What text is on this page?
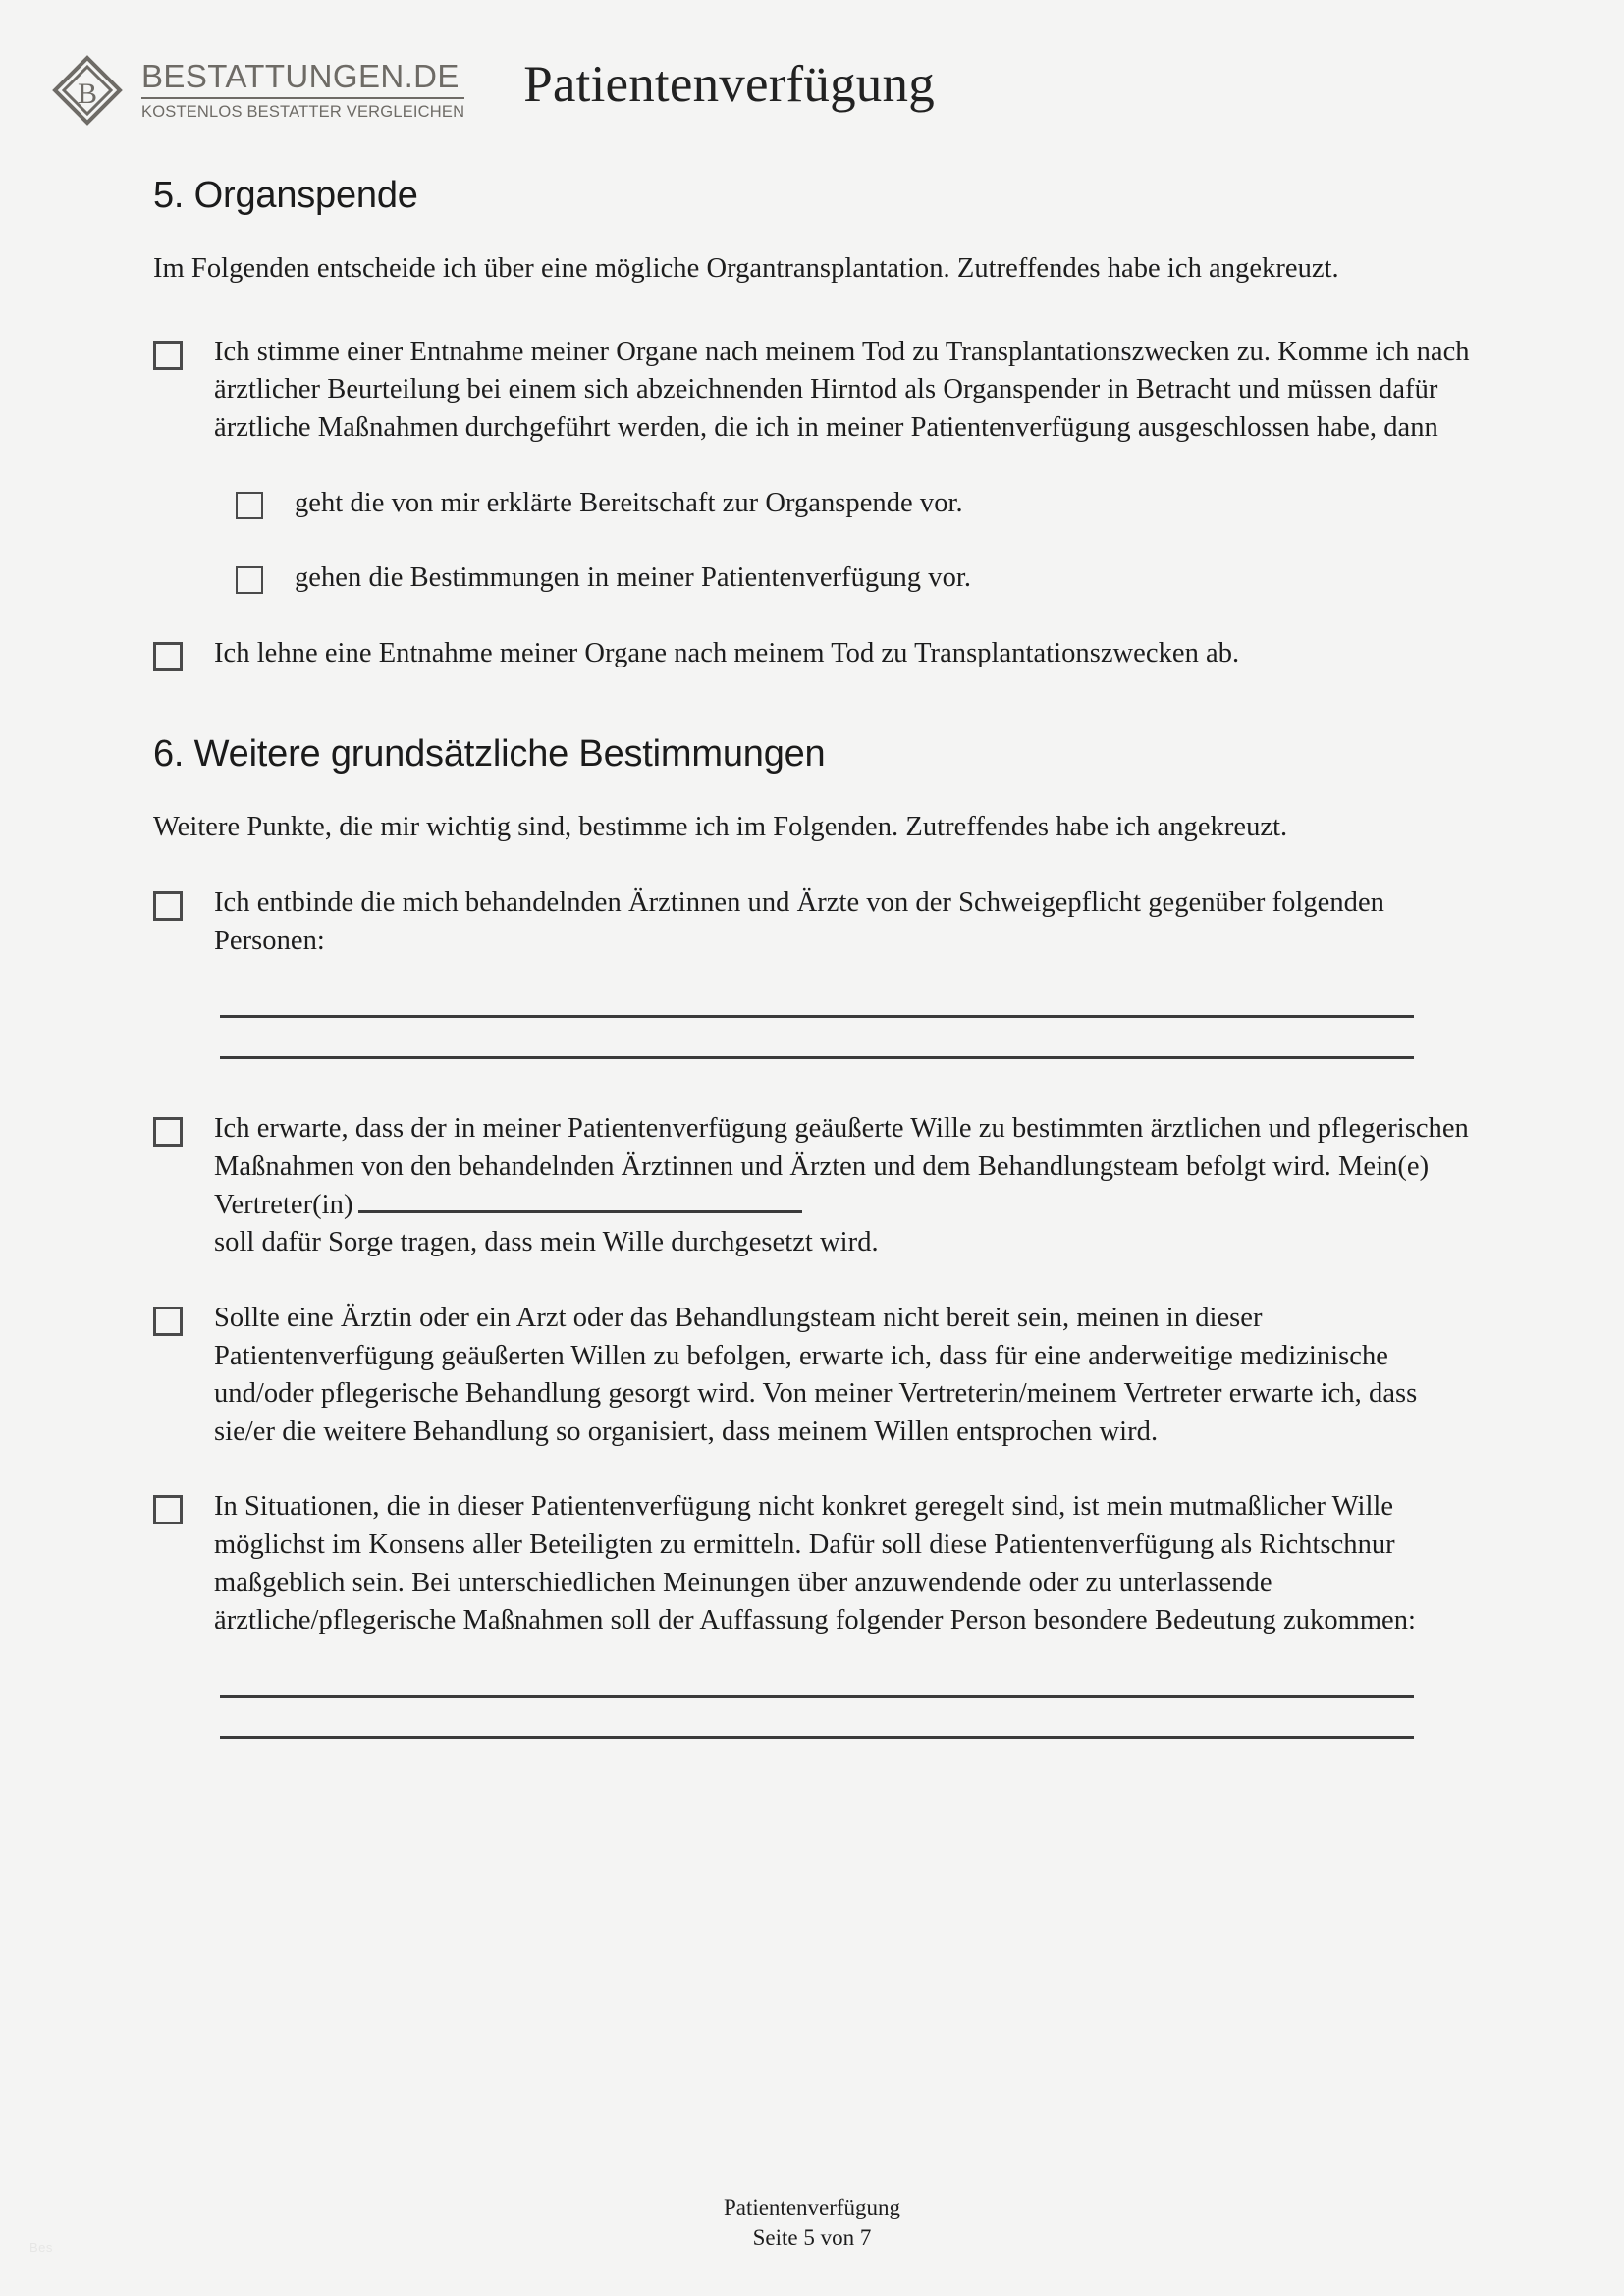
B BESTATTUNGEN.DE
KOSTENLOS BESTATTER VERGLEICHEN Patientenverfügung
5. Organspende

Im Folgenden entscheide ich über eine mögliche Organtransplantation. Zutreffendes habe ich angekreuzt.

Ich stimme einer Entnahme meiner Organe nach meinem Tod zu Transplantationszwecken zu. Komme ich nach ärztlicher Beurteilung bei einem sich abzeichnenden Hirntod als Organspender in Betracht und müssen dafür ärztliche Maßnahmen durchgeführt werden, die ich in meiner Patientenverfügung ausgeschlossen habe, dann
geht die von mir erklärte Bereitschaft zur Organspende vor.
gehen die Bestimmungen in meiner Patientenverfügung vor.
Ich lehne eine Entnahme meiner Organe nach meinem Tod zu Transplantationszwecken ab.
6. Weitere grundsätzliche Bestimmungen

Weitere Punkte, die mir wichtig sind, bestimme ich im Folgenden. Zutreffendes habe ich angekreuzt.

Ich entbinde die mich behandelnden Ärztinnen und Ärzte von der Schweigepflicht gegenüber folgenden Personen:
Ich erwarte, dass der in meiner Patientenverfügung geäußerte Wille zu bestimmten ärztlichen und pflegerischen Maßnahmen von den behandelnden Ärztinnen und Ärzten und dem Behandlungsteam befolgt wird. Mein(e) Vertreter(in)
soll dafür Sorge tragen, dass mein Wille durchgesetzt wird.
Sollte eine Ärztin oder ein Arzt oder das Behandlungsteam nicht bereit sein, meinen in dieser Patientenverfügung geäußerten Willen zu befolgen, erwarte ich, dass für eine anderweitige medizinische und/oder pflegerische Behandlung gesorgt wird. Von meiner Vertreterin/meinem Vertreter erwarte ich, dass sie/er die weitere Behandlung so organisiert, dass meinem Willen entsprochen wird.
In Situationen, die in dieser Patientenverfügung nicht konkret geregelt sind, ist mein mutmaßlicher Wille möglichst im Konsens aller Beteiligten zu ermitteln. Dafür soll diese Patientenverfügung als Richtschnur maßgeblich sein. Bei unterschiedlichen Meinungen über anzuwendende oder zu unterlassende ärztliche/pflegerische Maßnahmen soll der Auffassung folgender Person besondere Bedeutung zukommen:
Patientenverfügung
Seite 5 von 7
Bes
